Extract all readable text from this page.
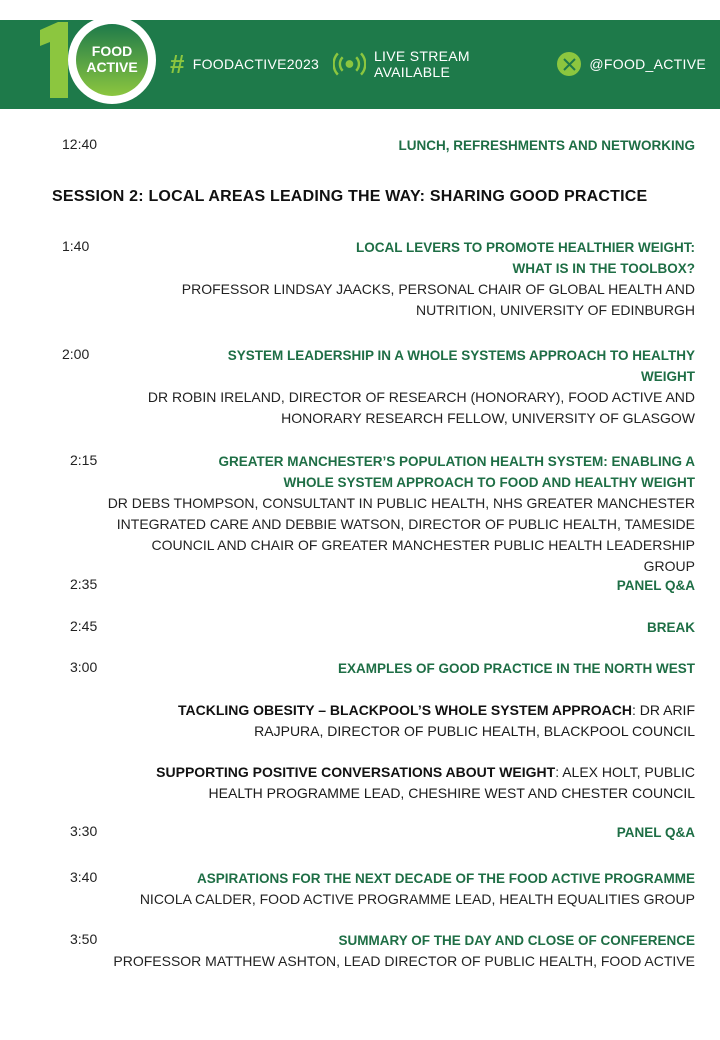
FOOD
ACTIVE # FOODACTIVE2023	LIVE STREAM AVAILABLE	@FOOD_ACTIVE
12:40	LUNCH, REFRESHMENTS AND NETWORKING
SESSION 2: LOCAL AREAS LEADING THE WAY: SHARING GOOD PRACTICE
1:40	LOCAL LEVERS TO PROMOTE HEALTHIER WEIGHT:
WHAT IS IN THE TOOLBOX?
PROFESSOR LINDSAY JAACKS, PERSONAL CHAIR OF GLOBAL HEALTH AND
NUTRITION, UNIVERSITY OF EDINBURGH
2:00	SYSTEM LEADERSHIP IN A WHOLE SYSTEMS APPROACH TO HEALTHY
WEIGHT
DR ROBIN IRELAND, DIRECTOR OF RESEARCH (HONORARY), FOOD ACTIVE AND
HONORARY RESEARCH FELLOW, UNIVERSITY OF GLASGOW
2:15	GREATER MANCHESTER’S POPULATION HEALTH SYSTEM: ENABLING A
WHOLE SYSTEM APPROACH TO FOOD AND HEALTHY WEIGHT
DR DEBS THOMPSON, CONSULTANT IN PUBLIC HEALTH, NHS GREATER MANCHESTER
INTEGRATED CARE AND DEBBIE WATSON, DIRECTOR OF PUBLIC HEALTH, TAMESIDE
COUNCIL AND CHAIR OF GREATER MANCHESTER PUBLIC HEALTH LEADERSHIP
GROUP
2:35	PANEL Q&A
2:45	BREAK
3:00	EXAMPLES OF GOOD PRACTICE IN THE NORTH WEST
TACKLING OBESITY – BLACKPOOL’S WHOLE SYSTEM APPROACH: DR ARIF
RAJPURA, DIRECTOR OF PUBLIC HEALTH, BLACKPOOL COUNCIL
SUPPORTING POSITIVE CONVERSATIONS ABOUT WEIGHT: ALEX HOLT, PUBLIC
HEALTH PROGRAMME LEAD, CHESHIRE WEST AND CHESTER COUNCIL
3:30	PANEL Q&A
3:40	ASPIRATIONS FOR THE NEXT DECADE OF THE FOOD ACTIVE PROGRAMME
NICOLA CALDER, FOOD ACTIVE PROGRAMME LEAD, HEALTH EQUALITIES GROUP
3:50	SUMMARY OF THE DAY AND CLOSE OF CONFERENCE
PROFESSOR MATTHEW ASHTON, LEAD DIRECTOR OF PUBLIC HEALTH, FOOD ACTIVE
